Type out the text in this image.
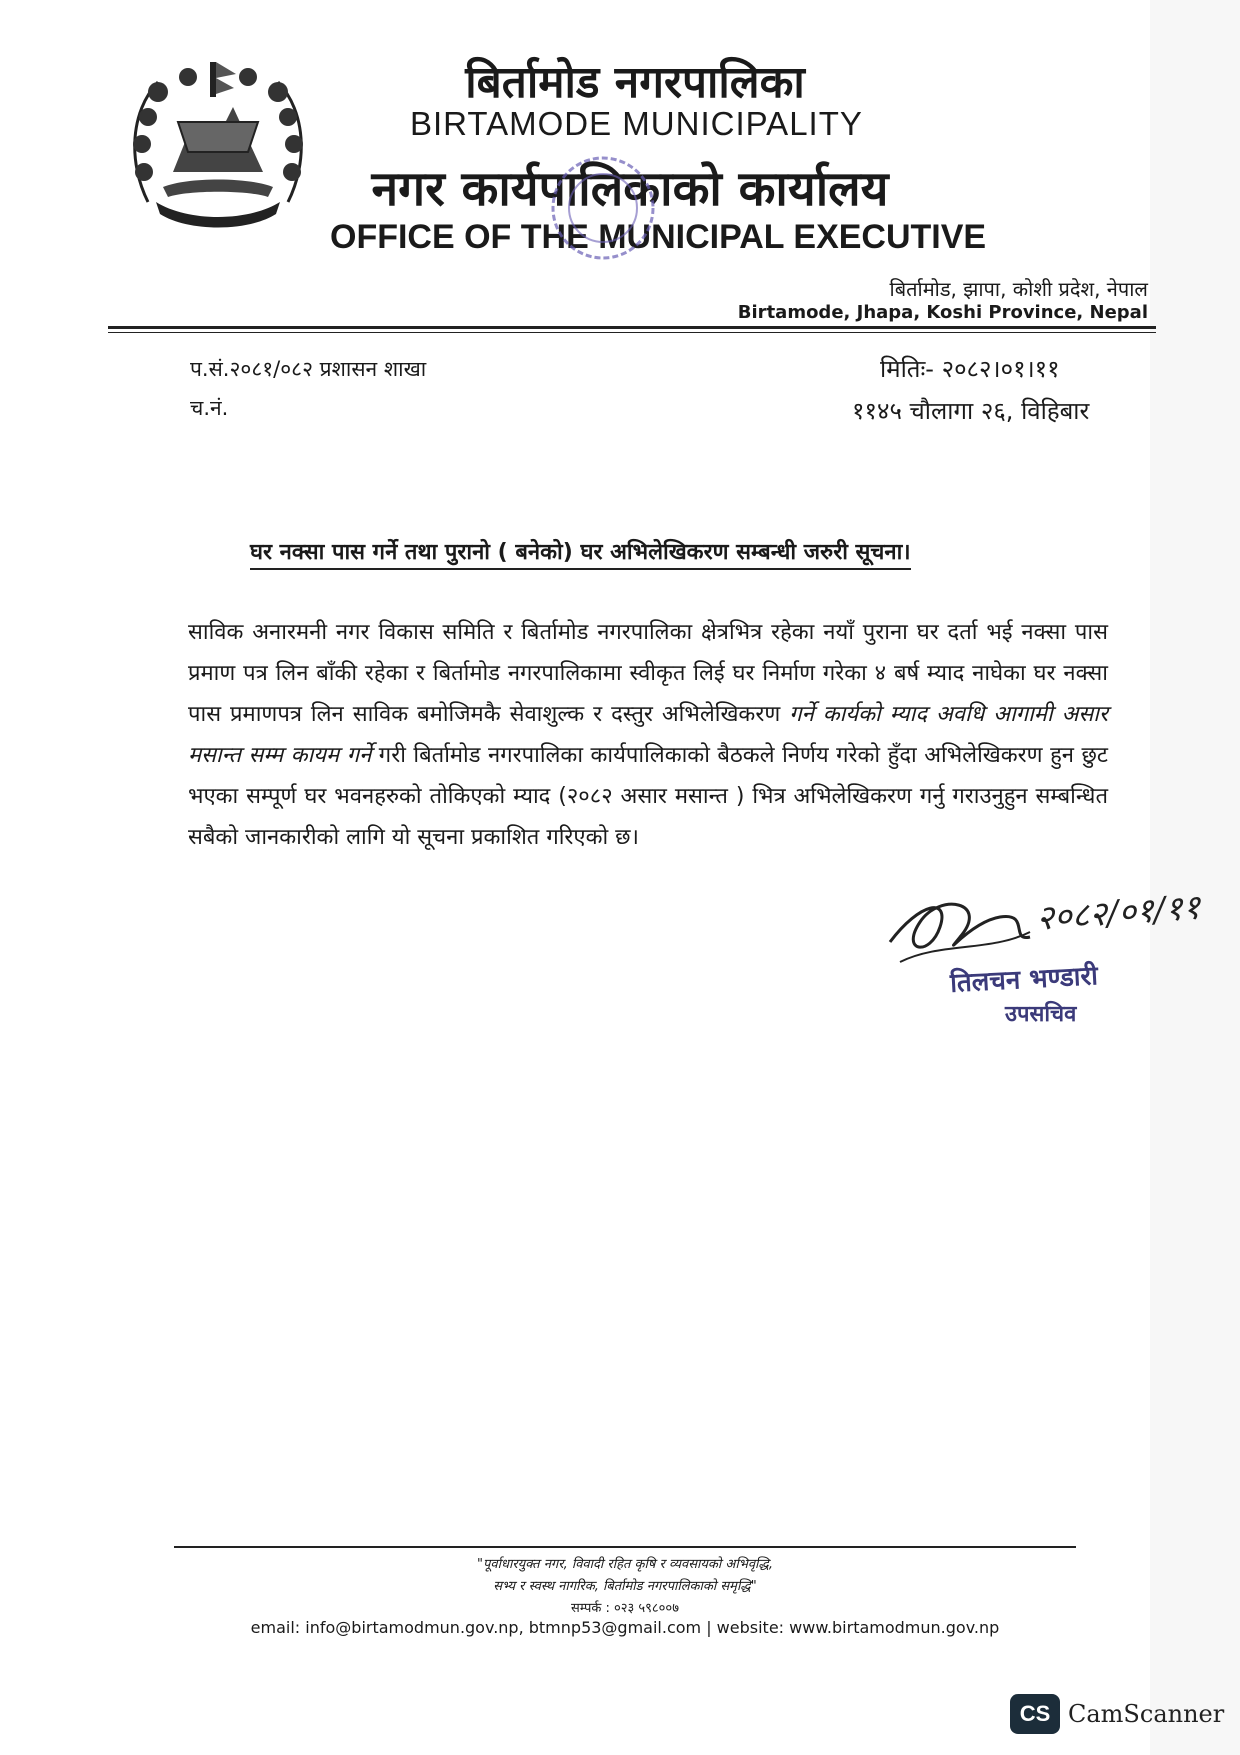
बिर्तामोड नगरपालिका
BIRTAMODE MUNICIPALITY
नगर कार्यपालिकाको कार्यालय
OFFICE OF THE MUNICIPAL EXECUTIVE
बिर्तामोड, झापा, कोशी प्रदेश, नेपाल
Birtamode, Jhapa, Koshi Province, Nepal
प.सं.२०८१/०८२ प्रशासन शाखा
च.नं.
मितिः- २०८२।०१।११
११४५ चौलागा २६, विहिबार
घर नक्सा पास गर्ने तथा पुरानो ( बनेको) घर अभिलेखिकरण सम्बन्धी जरुरी सूचना।
साविक अनारमनी नगर विकास समिति र बिर्तामोड नगरपालिका क्षेत्रभित्र रहेका नयाँ पुराना घर दर्ता भई नक्सा पास प्रमाण पत्र लिन बाँकी रहेका र बिर्तामोड नगरपालिकामा स्वीकृत लिई घर निर्माण गरेका ४ बर्ष म्याद नाघेका घर नक्सा पास प्रमाणपत्र लिन साविक बमोजिमकै सेवाशुल्क र दस्तुर अभिलेखिकरण गर्ने कार्यको म्याद अवधि आगामी असार मसान्त सम्म कायम गर्ने गरी बिर्तामोड नगरपालिका कार्यपालिकाको बैठकले निर्णय गरेको हुँदा अभिलेखिकरण हुन छुट भएका सम्पूर्ण घर भवनहरुको तोकिएको म्याद (२०८२ असार मसान्त ) भित्र अभिलेखिकरण गर्नु गराउनुहुन सम्बन्धित सबैको जानकारीको लागि यो सूचना प्रकाशित गरिएको छ।
२०८२/०१/११
तिलचन भण्डारी
उपसचिव
"पूर्वाधारयुक्त नगर, विवादी रहित कृषि र व्यवसायको अभिवृद्धि,
सभ्य र स्वस्थ नागरिक, बिर्तामोड नगरपालिकाको समृद्धि"
सम्पर्क : ०२३ ५९८००७
email: info@birtamodmun.gov.np, btmnp53@gmail.com | website: www.birtamodmun.gov.np
CS CamScanner
